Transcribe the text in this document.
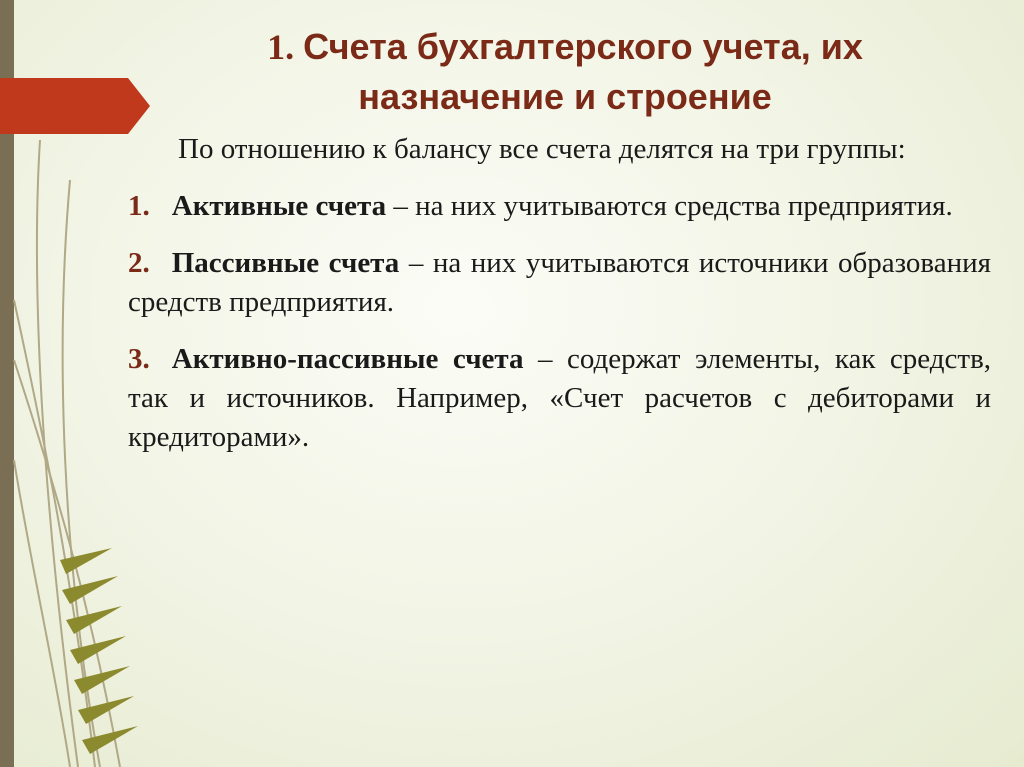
1. Счета бухгалтерского учета, их назначение и строение

По отношению к балансу все счета делятся на три группы:

1. Активные счета – на них учитываются средства предприятия.

2. Пассивные счета – на них учитываются источники образования средств предприятия.

3. Активно-пассивные счета – содержат элементы, как средств, так и источников. Например, «Счет расчетов с дебиторами и кредиторами».
